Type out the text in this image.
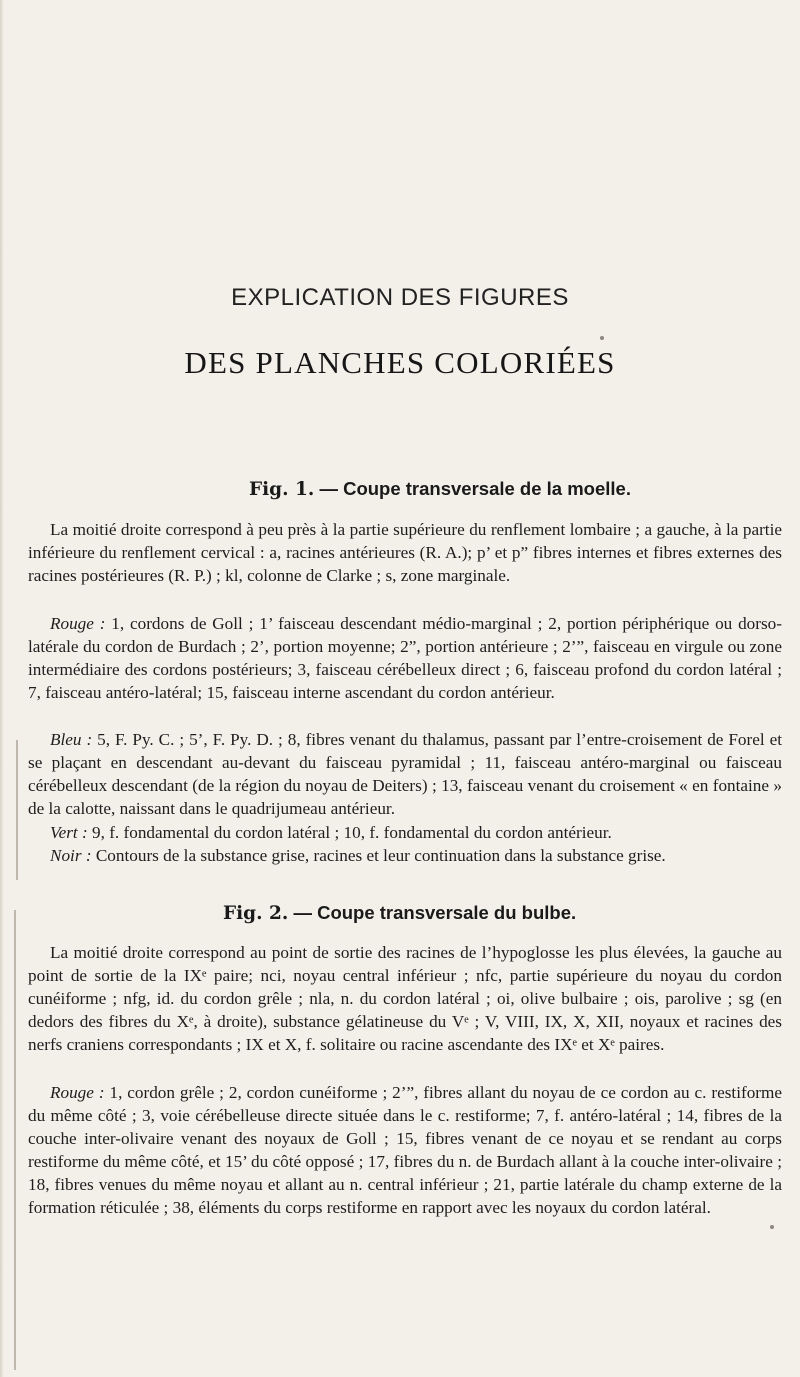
EXPLICATION DES FIGURES
DES PLANCHES COLORIÉES
Fig. 1. — Coupe transversale de la moelle.

La moitié droite correspond à peu près à la partie supérieure du renflement lombaire ; a gauche, à la partie inférieure du renflement cervical : a, racines antérieures (R. A.); p’ et p” fibres internes et fibres externes des racines postérieures (R. P.) ; kl, colonne de Clarke ; s, zone marginale.

Rouge : 1, cordons de Goll ; 1’ faisceau descendant médio-marginal ; 2, portion périphérique ou dorso-latérale du cordon de Burdach ; 2’, portion moyenne; 2”, portion antérieure ; 2’”, faisceau en virgule ou zone intermédiaire des cordons postérieurs; 3, faisceau cérébelleux direct ; 6, faisceau profond du cordon latéral ; 7, faisceau antéro-latéral; 15, faisceau interne ascendant du cordon antérieur.

Bleu : 5, F. Py. C. ; 5’, F. Py. D. ; 8, fibres venant du thalamus, passant par l’entre-croisement de Forel et se plaçant en descendant au-devant du faisceau pyramidal ; 11, faisceau antéro-marginal ou faisceau cérébelleux descendant (de la région du noyau de Deiters) ; 13, faisceau venant du croisement « en fontaine » de la calotte, naissant dans le quadrijumeau antérieur.

Vert : 9, f. fondamental du cordon latéral ; 10, f. fondamental du cordon antérieur.

Noir : Contours de la substance grise, racines et leur continuation dans la substance grise.

Fig. 2. — Coupe transversale du bulbe.

La moitié droite correspond au point de sortie des racines de l’hypoglosse les plus élevées, la gauche au point de sortie de la IXᵉ paire; nci, noyau central inférieur ; nfc, partie supérieure du noyau du cordon cunéiforme ; nfg, id. du cordon grêle ; nla, n. du cordon latéral ; oi, olive bulbaire ; ois, parolive ; sg (en dedors des fibres du Xᵉ, à droite), substance gélatineuse du Vᵉ ; V, VIII, IX, X, XII, noyaux et racines des nerfs craniens correspondants ; IX et X, f. solitaire ou racine ascendante des IXᵉ et Xᵉ paires.

Rouge : 1, cordon grêle ; 2, cordon cunéiforme ; 2’”, fibres allant du noyau de ce cordon au c. restiforme du même côté ; 3, voie cérébelleuse directe située dans le c. restiforme; 7, f. antéro-latéral ; 14, fibres de la couche inter-olivaire venant des noyaux de Goll ; 15, fibres venant de ce noyau et se rendant au corps restiforme du même côté, et 15’ du côté opposé ; 17, fibres du n. de Burdach allant à la couche inter-olivaire ; 18, fibres venues du même noyau et allant au n. central inférieur ; 21, partie latérale du champ externe de la formation réticulée ; 38, éléments du corps restiforme en rapport avec les noyaux du cordon latéral.
